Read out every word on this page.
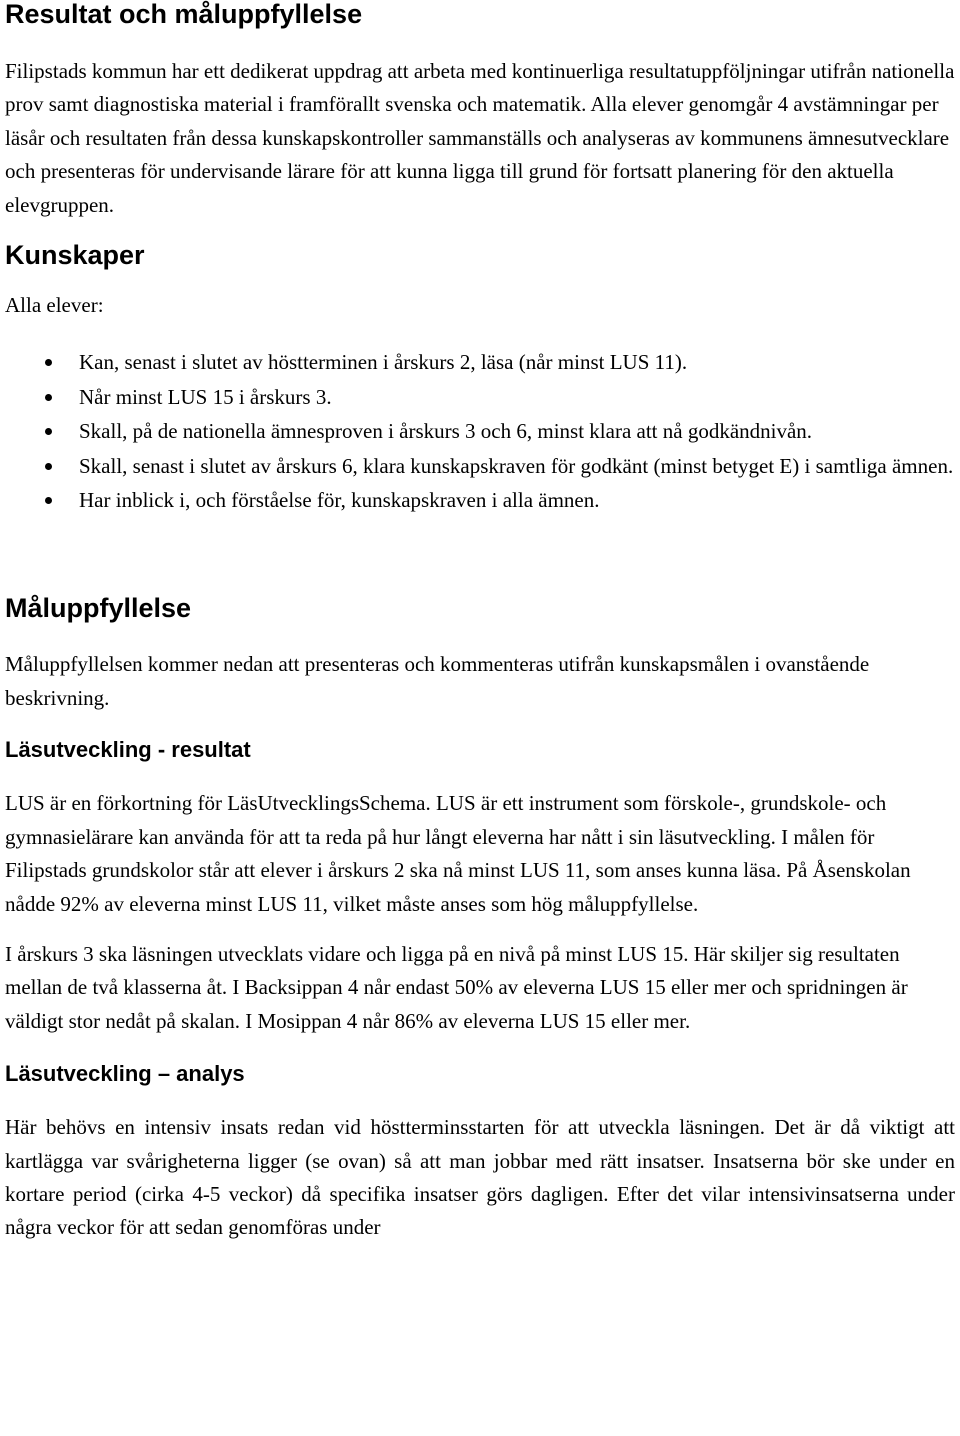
Resultat och måluppfyllelse

Filipstads kommun har ett dedikerat uppdrag att arbeta med kontinuerliga resultatuppföljningar utifrån nationella prov samt diagnostiska material i framförallt svenska och matematik. Alla elever genomgår 4 avstämningar per läsår och resultaten från dessa kunskapskontroller sammanställs och analyseras av kommunens ämnesutvecklare och presenteras för undervisande lärare för att kunna ligga till grund för fortsatt planering för den aktuella elevgruppen.

Kunskaper

Alla elever:

Kan, senast i slutet av höstterminen i årskurs 2, läsa (når minst LUS 11).
Når minst LUS 15 i årskurs 3.
Skall, på de nationella ämnesproven i årskurs 3 och 6, minst klara att nå godkändnivån.
Skall, senast i slutet av årskurs 6, klara kunskapskraven för godkänt (minst betyget E) i samtliga ämnen.
Har inblick i, och förståelse för, kunskapskraven i alla ämnen.
Måluppfyllelse

Måluppfyllelsen kommer nedan att presenteras och kommenteras utifrån kunskapsmålen i ovanstående beskrivning.

Läsutveckling - resultat

LUS är en förkortning för LäsUtvecklingsSchema. LUS är ett instrument som förskole-, grundskole- och gymnasielärare kan använda för att ta reda på hur långt eleverna har nått i sin läsutveckling. I målen för Filipstads grundskolor står att elever i årskurs 2 ska nå minst LUS 11, som anses kunna läsa. På Åsenskolan nådde 92% av eleverna minst LUS 11, vilket måste anses som hög måluppfyllelse.

I årskurs 3 ska läsningen utvecklats vidare och ligga på en nivå på minst LUS 15. Här skiljer sig resultaten mellan de två klasserna åt. I Backsippan 4 når endast 50% av eleverna LUS 15 eller mer och spridningen är väldigt stor nedåt på skalan. I Mosippan 4 når 86% av eleverna LUS 15 eller mer.

Läsutveckling – analys

Här behövs en intensiv insats redan vid höstterminsstarten för att utveckla läsningen. Det är då viktigt att kartlägga var svårigheterna ligger (se ovan) så att man jobbar med rätt insatser. Insatserna bör ske under en kortare period (cirka 4-5 veckor) då specifika insatser görs dagligen. Efter det vilar intensivinsatserna under några veckor för att sedan genomföras under
